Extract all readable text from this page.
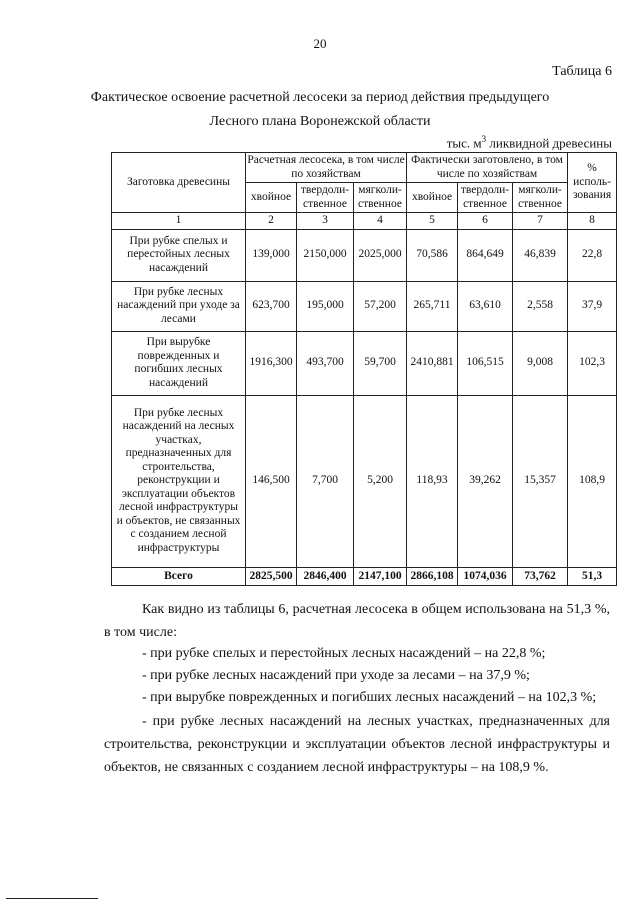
20
Таблица 6
Фактическое освоение расчетной лесосеки за период действия предыдущего Лесного плана Воронежской области
тыс. $м^3$ ликвидной древесины
Заготовка древесины	Расчетная лесосека, в том числе по хозяйствам			Фактически заготовлено, в том числе по хозяйствам			% исполь-зования
	хвойное	твердоли-ственное	мягколи-ственное	хвойное	твердоли-ственное	мягколи-ственное	
1	2	3	4	5	6	7	8
При рубке спелых и перестойных лесных насаждений	139,000	2150,000	2025,000	70,586	864,649	46,839	22,8
При рубке лесных насаждений при уходе за лесами	623,700	195,000	57,200	265,711	63,610	2,558	37,9
При вырубке поврежденных и погибших лесных насаждений	1916,300	493,700	59,700	2410,881	106,515	9,008	102,3
При рубке лесных насаждений на лесных участках, предназначенных для строительства, реконструкции и эксплуатации объектов лесной инфраструктуры и объектов, не связанных с созданием лесной инфраструктуры	146,500	7,700	5,200	118,93	39,262	15,357	108,9
Всего	2825,500	2846,400	2147,100	2866,108	1074,036	73,762	51,3
Как видно из таблицы 6, расчетная лесосека в общем использована на 51,3 %, в том числе:
- при рубке спелых и перестойных лесных насаждений – на 22,8 %;
- при рубке лесных насаждений при уходе за лесами – на 37,9 %;
- при вырубке поврежденных и погибших лесных насаждений – на 102,3 %;
- при рубке лесных насаждений на лесных участках, предназначенных для строительства, реконструкции и эксплуатации объектов лесной инфраструктуры и объектов, не связанных с созданием лесной инфраструктуры – на 108,9 %.
